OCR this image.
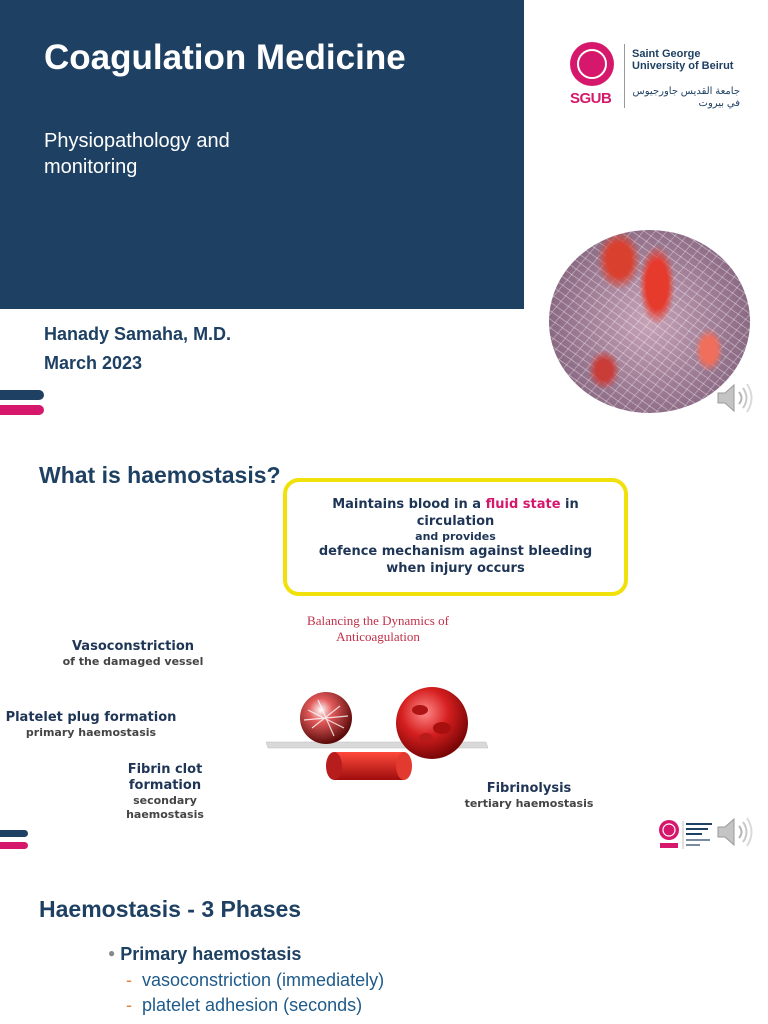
Coagulation Medicine

Physiopathology and monitoring

Hanady Samaha, M.D.
March 2023
SGUB
Saint George University of Beirut
جامعة القديس جاورجيوس في بيروت
What is haemostasis?
Maintains blood in a fluid state in
circulation
and provides
defence mechanism against bleeding
when injury occurs
Balancing the Dynamics of Anticoagulation
Vasoconstriction
of the damaged vessel
Platelet plug formation
primary haemostasis
Fibrin clot formation
secondary haemostasis
Fibrinolysis
tertiary haemostasis
Haemostasis - 3 Phases
● Primary haemostasis
- vasoconstriction (immediately)
- platelet adhesion (seconds)
